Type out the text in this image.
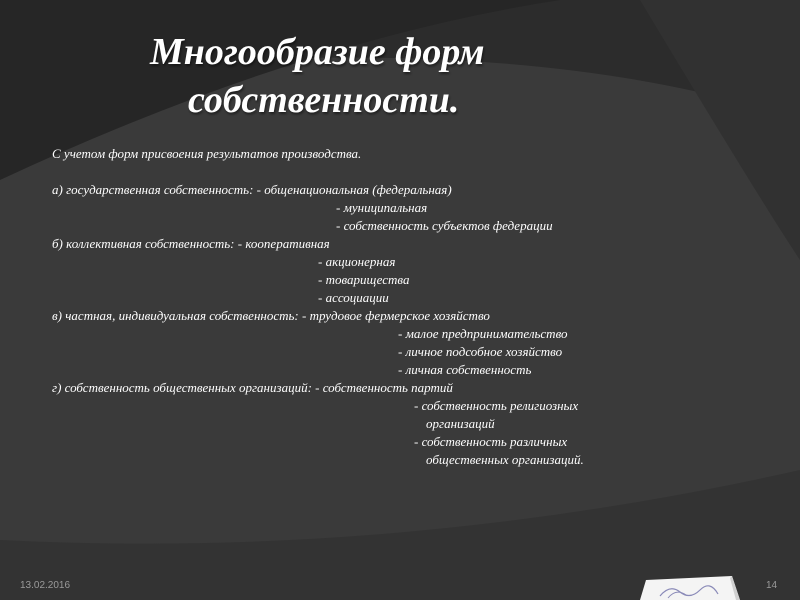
Многообразие форм
собственности.
С учетом форм присвоения результатов производства.
а) государственная собственность: - общенациональная (федеральная)
- муниципальная
- собственность субъектов федерации
б) коллективная собственность: - кооперативная
- акционерная
- товарищества
- ассоциации
в) частная, индивидуальная собственность: - трудовое фермерское хозяйство
- малое предпринимательство
- личное подсобное хозяйство
- личная собственность
г) собственность общественных организаций: - собственность партий
- собственность религиозных
организаций
- собственность различных
общественных организаций.
13.02.2016	14
